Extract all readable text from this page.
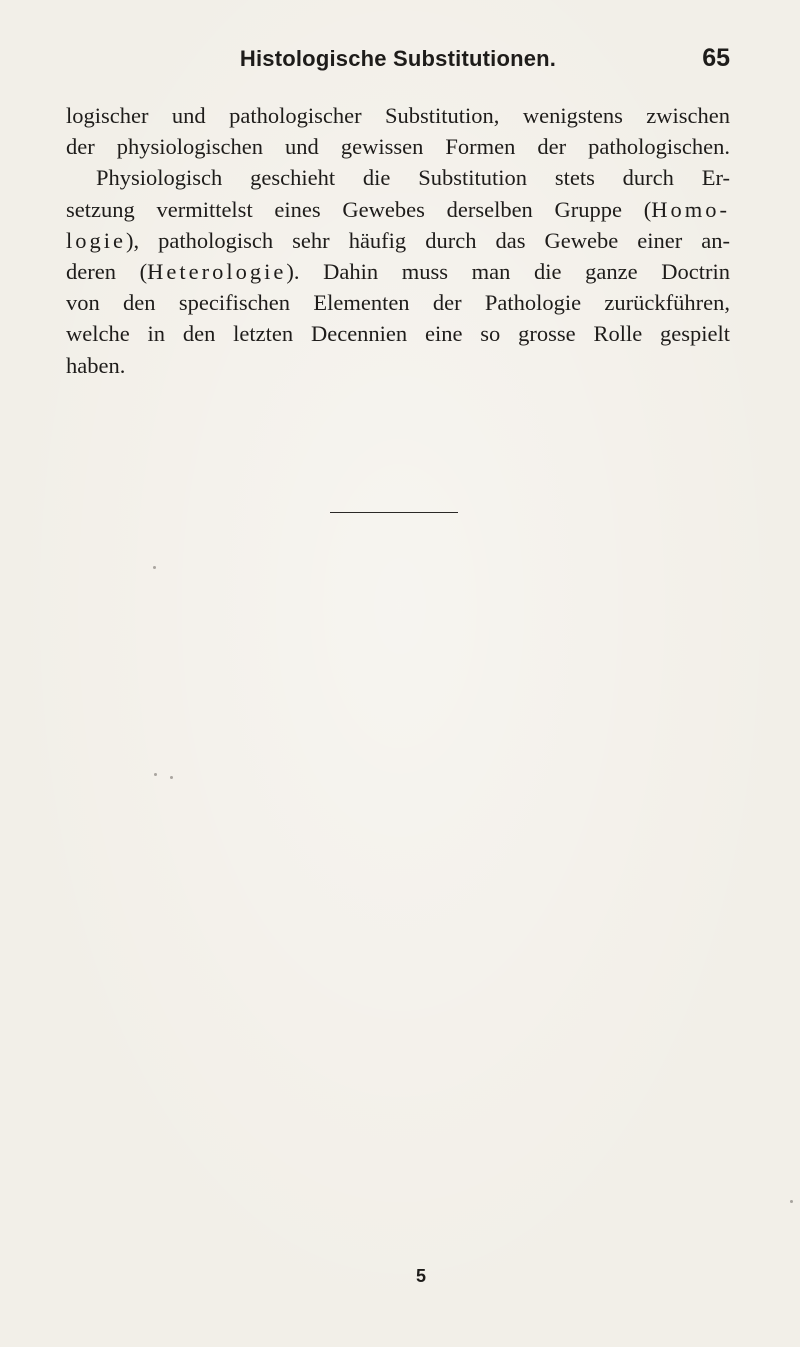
Histologische Substitutionen.	65
logischer und pathologischer Substitution, wenigstens zwischen
der physiologischen und gewissen Formen der pathologischen.
Physiologisch geschieht die Substitution stets durch Er-
setzung vermittelst eines Gewebes derselben Gruppe (Homo-
logie), pathologisch sehr häufig durch das Gewebe einer an-
deren (Heterologie). Dahin muss man die ganze Doctrin
von den specifischen Elementen der Pathologie zurückführen,
welche in den letzten Decennien eine so grosse Rolle gespielt
haben.
5
